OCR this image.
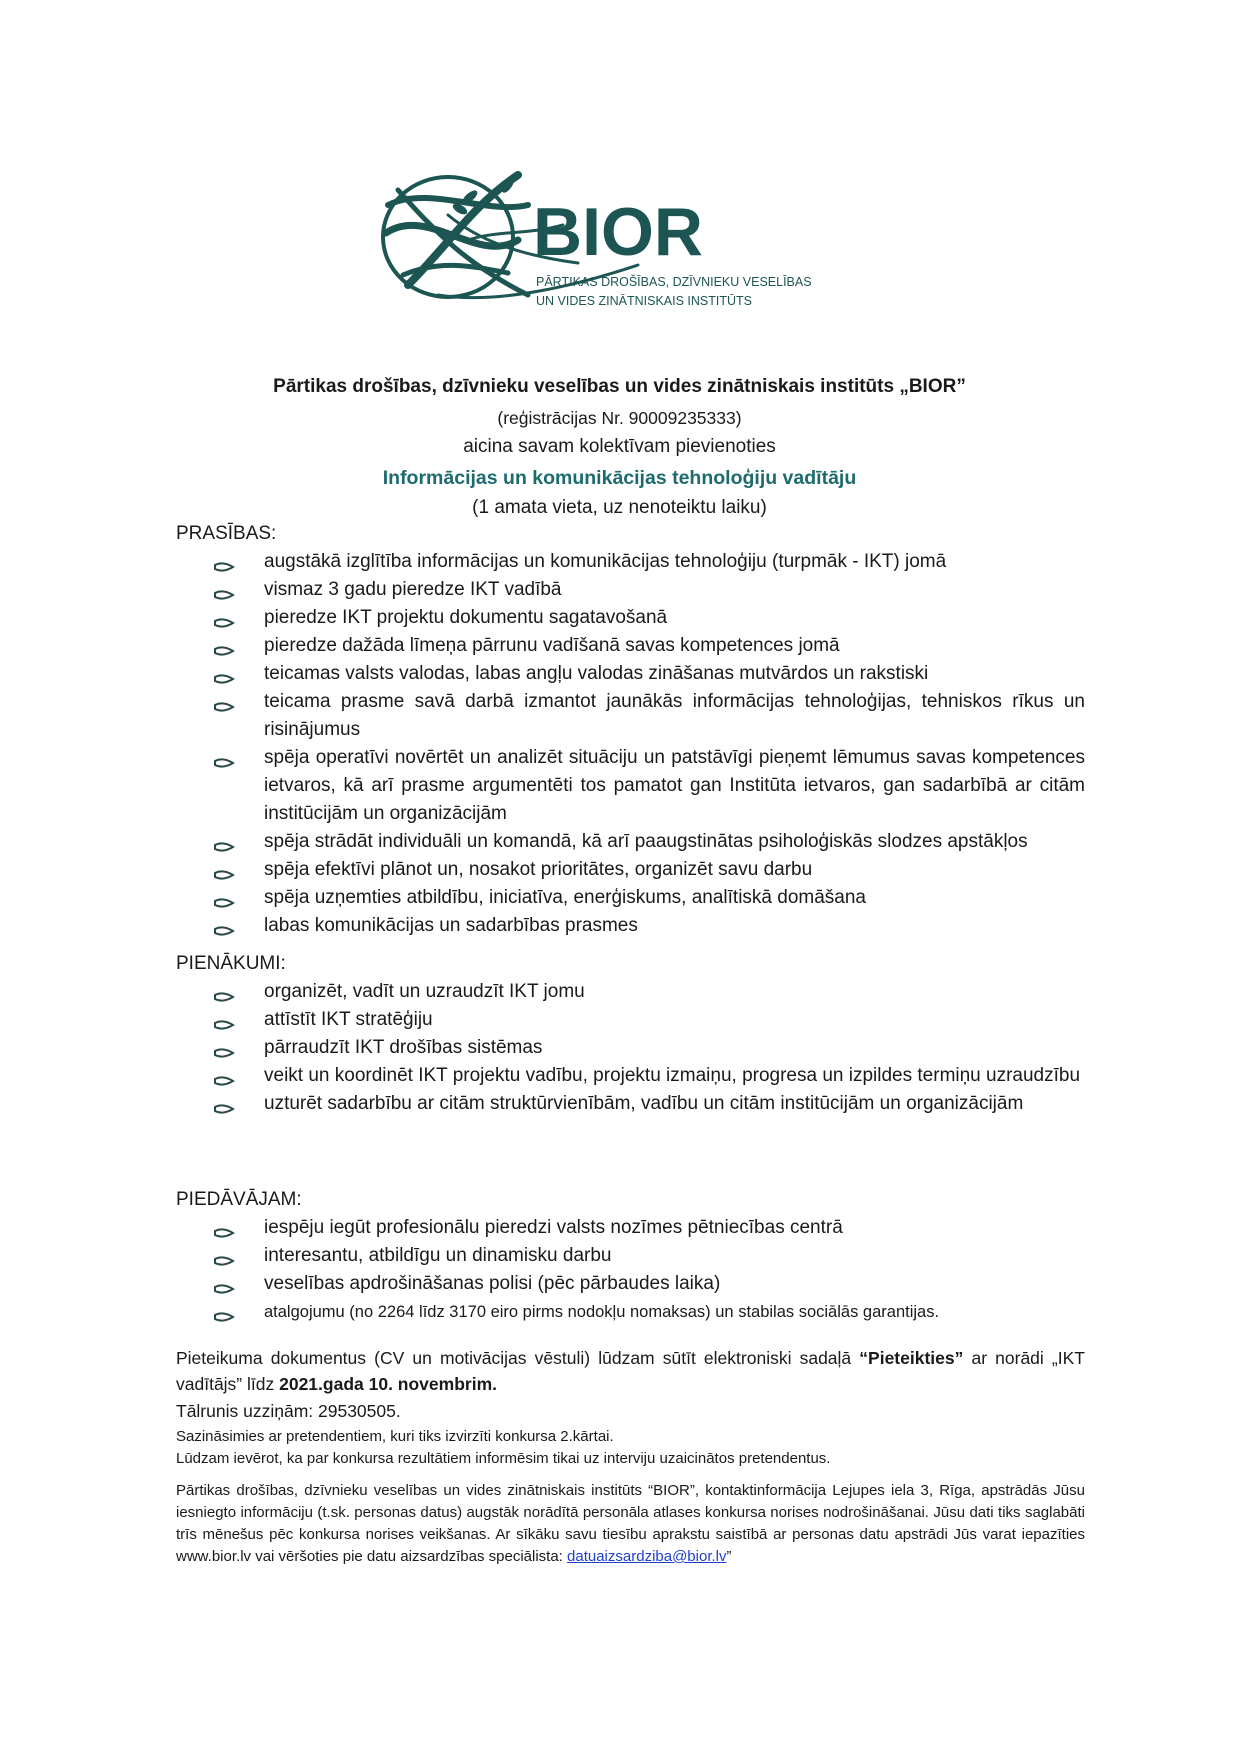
BIOR
PĀRTIKAS DROŠĪBAS, DZĪVNIEKU VESELĪBAS
UN VIDES ZINĀTNISKAIS INSTITŪTS
Pārtikas drošības, dzīvnieku veselības un vides zinātniskais institūts „BIOR”
(reģistrācijas Nr. 90009235333)
aicina savam kolektīvam pievienoties
Informācijas un komunikācijas tehnoloģiju vadītāju
(1 amata vieta, uz nenoteiktu laiku)
PRASĪBAS:
augstākā izglītība informācijas un komunikācijas tehnoloģiju (turpmāk - IKT) jomā
vismaz 3 gadu pieredze IKT vadībā
pieredze IKT projektu dokumentu sagatavošanā
pieredze dažāda līmeņa pārrunu vadīšanā savas kompetences jomā
teicamas valsts valodas, labas angļu valodas zināšanas mutvārdos un rakstiski
teicama prasme savā darbā izmantot jaunākās informācijas tehnoloģijas, tehniskos rīkus un risinājumus
spēja operatīvi novērtēt un analizēt situāciju un patstāvīgi pieņemt lēmumus savas kompetences ietvaros, kā arī prasme argumentēti tos pamatot gan Institūta ietvaros, gan sadarbībā ar citām institūcijām un organizācijām
spēja strādāt individuāli un komandā, kā arī paaugstinātas psiholoģiskās slodzes apstākļos
spēja efektīvi plānot un, nosakot prioritātes, organizēt savu darbu
spēja uzņemties atbildību, iniciatīva, enerģiskums, analītiskā domāšana
labas komunikācijas un sadarbības prasmes
PIENĀKUMI:
organizēt, vadīt un uzraudzīt IKT jomu
attīstīt IKT stratēģiju
pārraudzīt IKT drošības sistēmas
veikt un koordinēt IKT projektu vadību, projektu izmaiņu, progresa un izpildes termiņu uzraudzību
uzturēt sadarbību ar citām struktūrvienībām, vadību un citām institūcijām un organizācijām
PIEDĀVĀJAM:
iespēju iegūt profesionālu pieredzi valsts nozīmes pētniecības centrā
interesantu, atbildīgu un dinamisku darbu
veselības apdrošināšanas polisi (pēc pārbaudes laika)
atalgojumu (no 2264 līdz 3170 eiro pirms nodokļu nomaksas) un stabilas sociālās garantijas.

Pieteikuma dokumentus (CV un motivācijas vēstuli) lūdzam sūtīt elektroniski sadaļā “Pieteikties” ar norādi „IKT vadītājs” līdz 2021.gada 10. novembrim.

Tālrunis uzziņām: 29530505.

Sazināsimies ar pretendentiem, kuri tiks izvirzīti konkursa 2.kārtai.

Lūdzam ievērot, ka par konkursa rezultātiem informēsim tikai uz interviju uzaicinātos pretendentus.

Pārtikas drošības, dzīvnieku veselības un vides zinātniskais institūts “BIOR”, kontaktinformācija Lejupes iela 3, Rīga, apstrādās Jūsu iesniegto informāciju (t.sk. personas datus) augstāk norādītā personāla atlases konkursa norises nodrošināšanai. Jūsu dati tiks saglabāti trīs mēnešus pēc konkursa norises veikšanas. Ar sīkāku savu tiesību aprakstu saistībā ar personas datu apstrādi Jūs varat iepazīties www.bior.lv vai vēršoties pie datu aizsardzības speciālista: datuaizsardziba@bior.lv”
